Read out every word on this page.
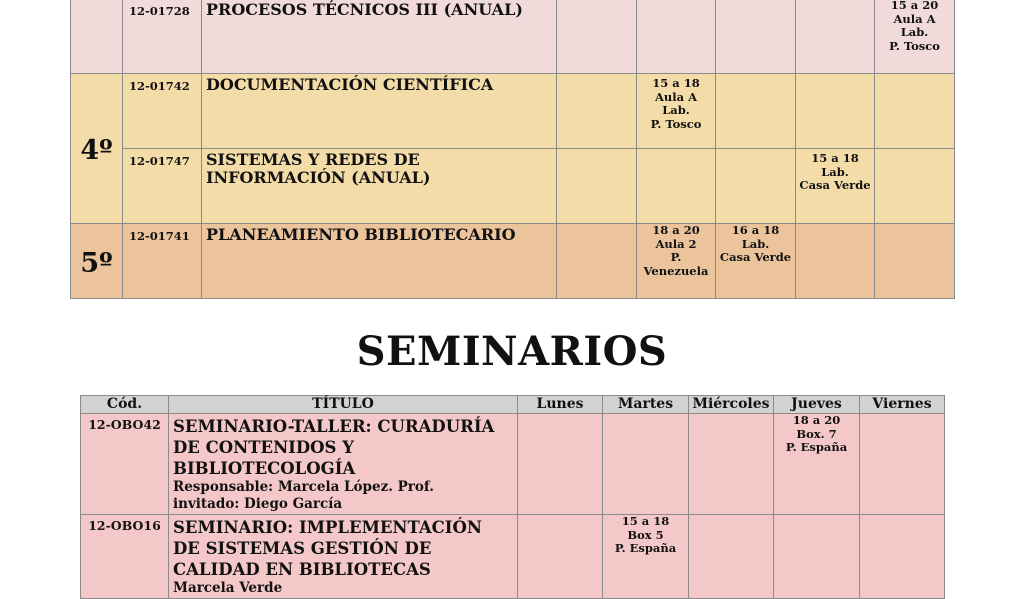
	12-01728	PROCESOS TÉCNICOS III (ANUAL)					15 a 20
Aula A
Lab.
P. Tosco

4º	12-01742	DOCUMENTACIÓN CIENTÍFICA		15 a 18
Aula A
Lab.
P. Tosco			

	12-01747	SISTEMAS Y REDES DE INFORMACIÓN (ANUAL)				15 a 18
Lab.
Casa Verde	

5º	12-01741	PLANEAMIENTO BIBLIOTECARIO		18 a 20
Aula 2
P.
Venezuela	16 a 18
Lab.
Casa Verde		

SEMINARIOS
Cód.	TÍTULO	Lunes	Martes	Miércoles	Jueves	Viernes
12-OBO42	SEMINARIO-TALLER: CURADURÍA
DE CONTENIDOS Y
BIBLIOTECOLOGÍA
Responsable: Marcela López. Prof.
invitado: Diego García				18 a 20
Box. 7
P. España	

12-OBO16	SEMINARIO: IMPLEMENTACIÓN
DE SISTEMAS GESTIÓN DE
CALIDAD EN BIBLIOTECAS
Marcela Verde		15 a 18
Box 5
P. España			
